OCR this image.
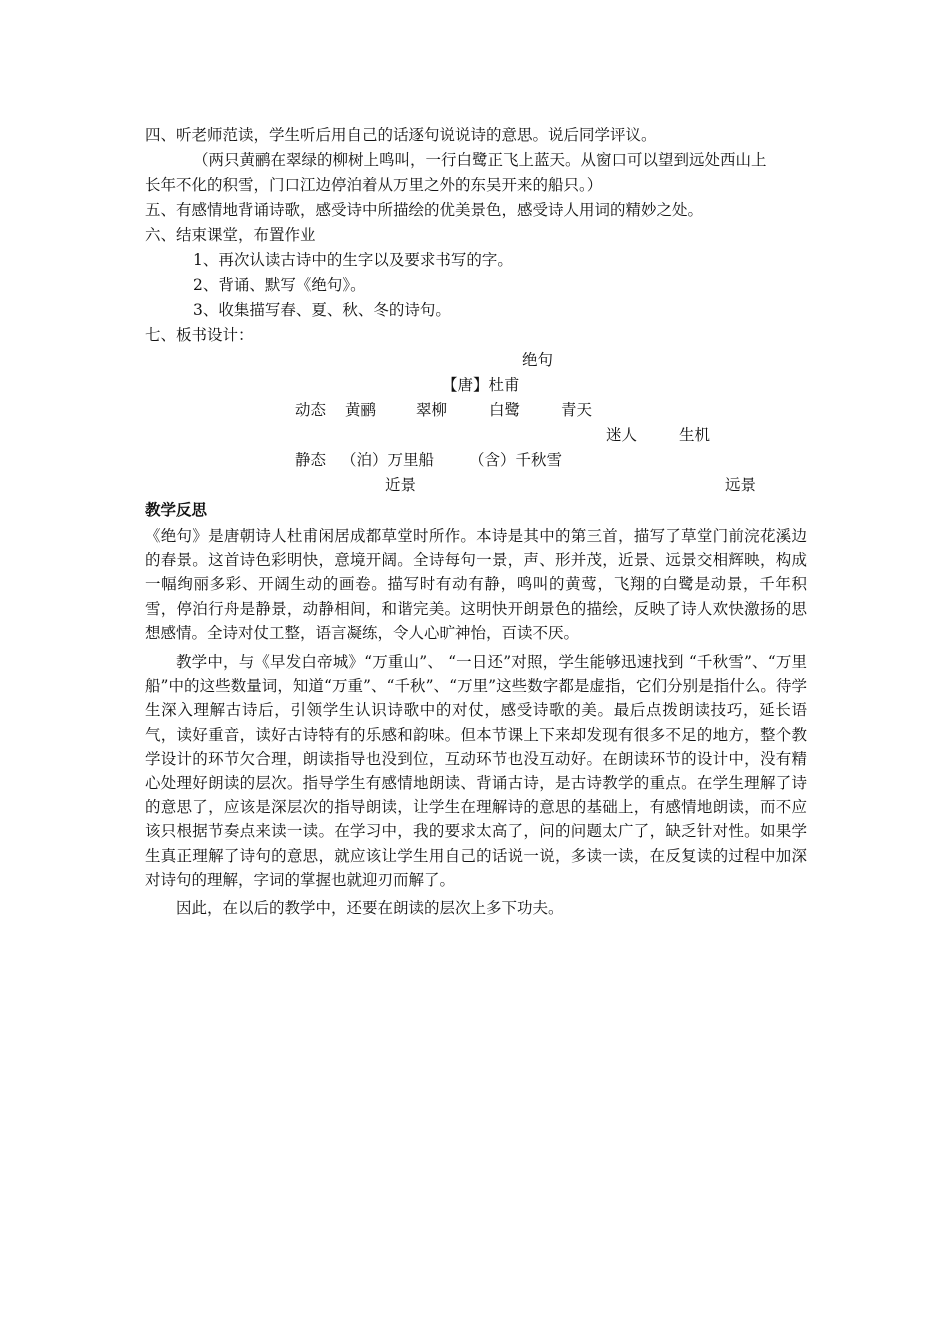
四、听老师范读，学生听后用自己的话逐句说说诗的意思。说后同学评议。
（两只黄鹂在翠绿的柳树上鸣叫，一行白鹭正飞上蓝天。从窗口可以望到远处西山上
长年不化的积雪，门口江边停泊着从万里之外的东吴开来的船只。）
五、有感情地背诵诗歌，感受诗中所描绘的优美景色，感受诗人用词的精妙之处。
六、结束课堂，布置作业
1、再次认读古诗中的生字以及要求书写的字。
2、背诵、默写《绝句》。
3、收集描写春、夏、秋、冬的诗句。
七、板书设计：
绝句
【唐】杜甫
动态 黄鹂	翠柳	白鹭	青天
迷人	生机
静态 （泊）万里船 （含）千秋雪
近景	远景
教学反思
《绝句》是唐朝诗人杜甫闲居成都草堂时所作。本诗是其中的第三首，描写了草堂门前浣花溪边的春景。这首诗色彩明快，意境开阔。全诗每句一景，声、形并茂，近景、远景交相辉映，构成一幅绚丽多彩、开阔生动的画卷。描写时有动有静，鸣叫的黄莺，飞翔的白鹭是动景，千年积雪，停泊行舟是静景，动静相间，和谐完美。这明快开朗景色的描绘，反映了诗人欢快激扬的思想感情。全诗对仗工整，语言凝练，令人心旷神怡，百读不厌。
教学中，与《早发白帝城》“万重山”、 “一日还”对照，学生能够迅速找到 “千秋雪”、“万里船”中的这些数量词，知道“万重”、“千秋”、“万里”这些数字都是虚指，它们分别是指什么。待学生深入理解古诗后，引领学生认识诗歌中的对仗，感受诗歌的美。最后点拨朗读技巧，延长语气，读好重音，读好古诗特有的乐感和韵味。但本节课上下来却发现有很多不足的地方，整个教学设计的环节欠合理，朗读指导也没到位，互动环节也没互动好。在朗读环节的设计中，没有精心处理好朗读的层次。指导学生有感情地朗读、背诵古诗，是古诗教学的重点。在学生理解了诗的意思了，应该是深层次的指导朗读，让学生在理解诗的意思的基础上，有感情地朗读，而不应该只根据节奏点来读一读。在学习中，我的要求太高了，问的问题太广了，缺乏针对性。如果学生真正理解了诗句的意思，就应该让学生用自己的话说一说，多读一读，在反复读的过程中加深对诗句的理解，字词的掌握也就迎刃而解了。
因此，在以后的教学中，还要在朗读的层次上多下功夫。
